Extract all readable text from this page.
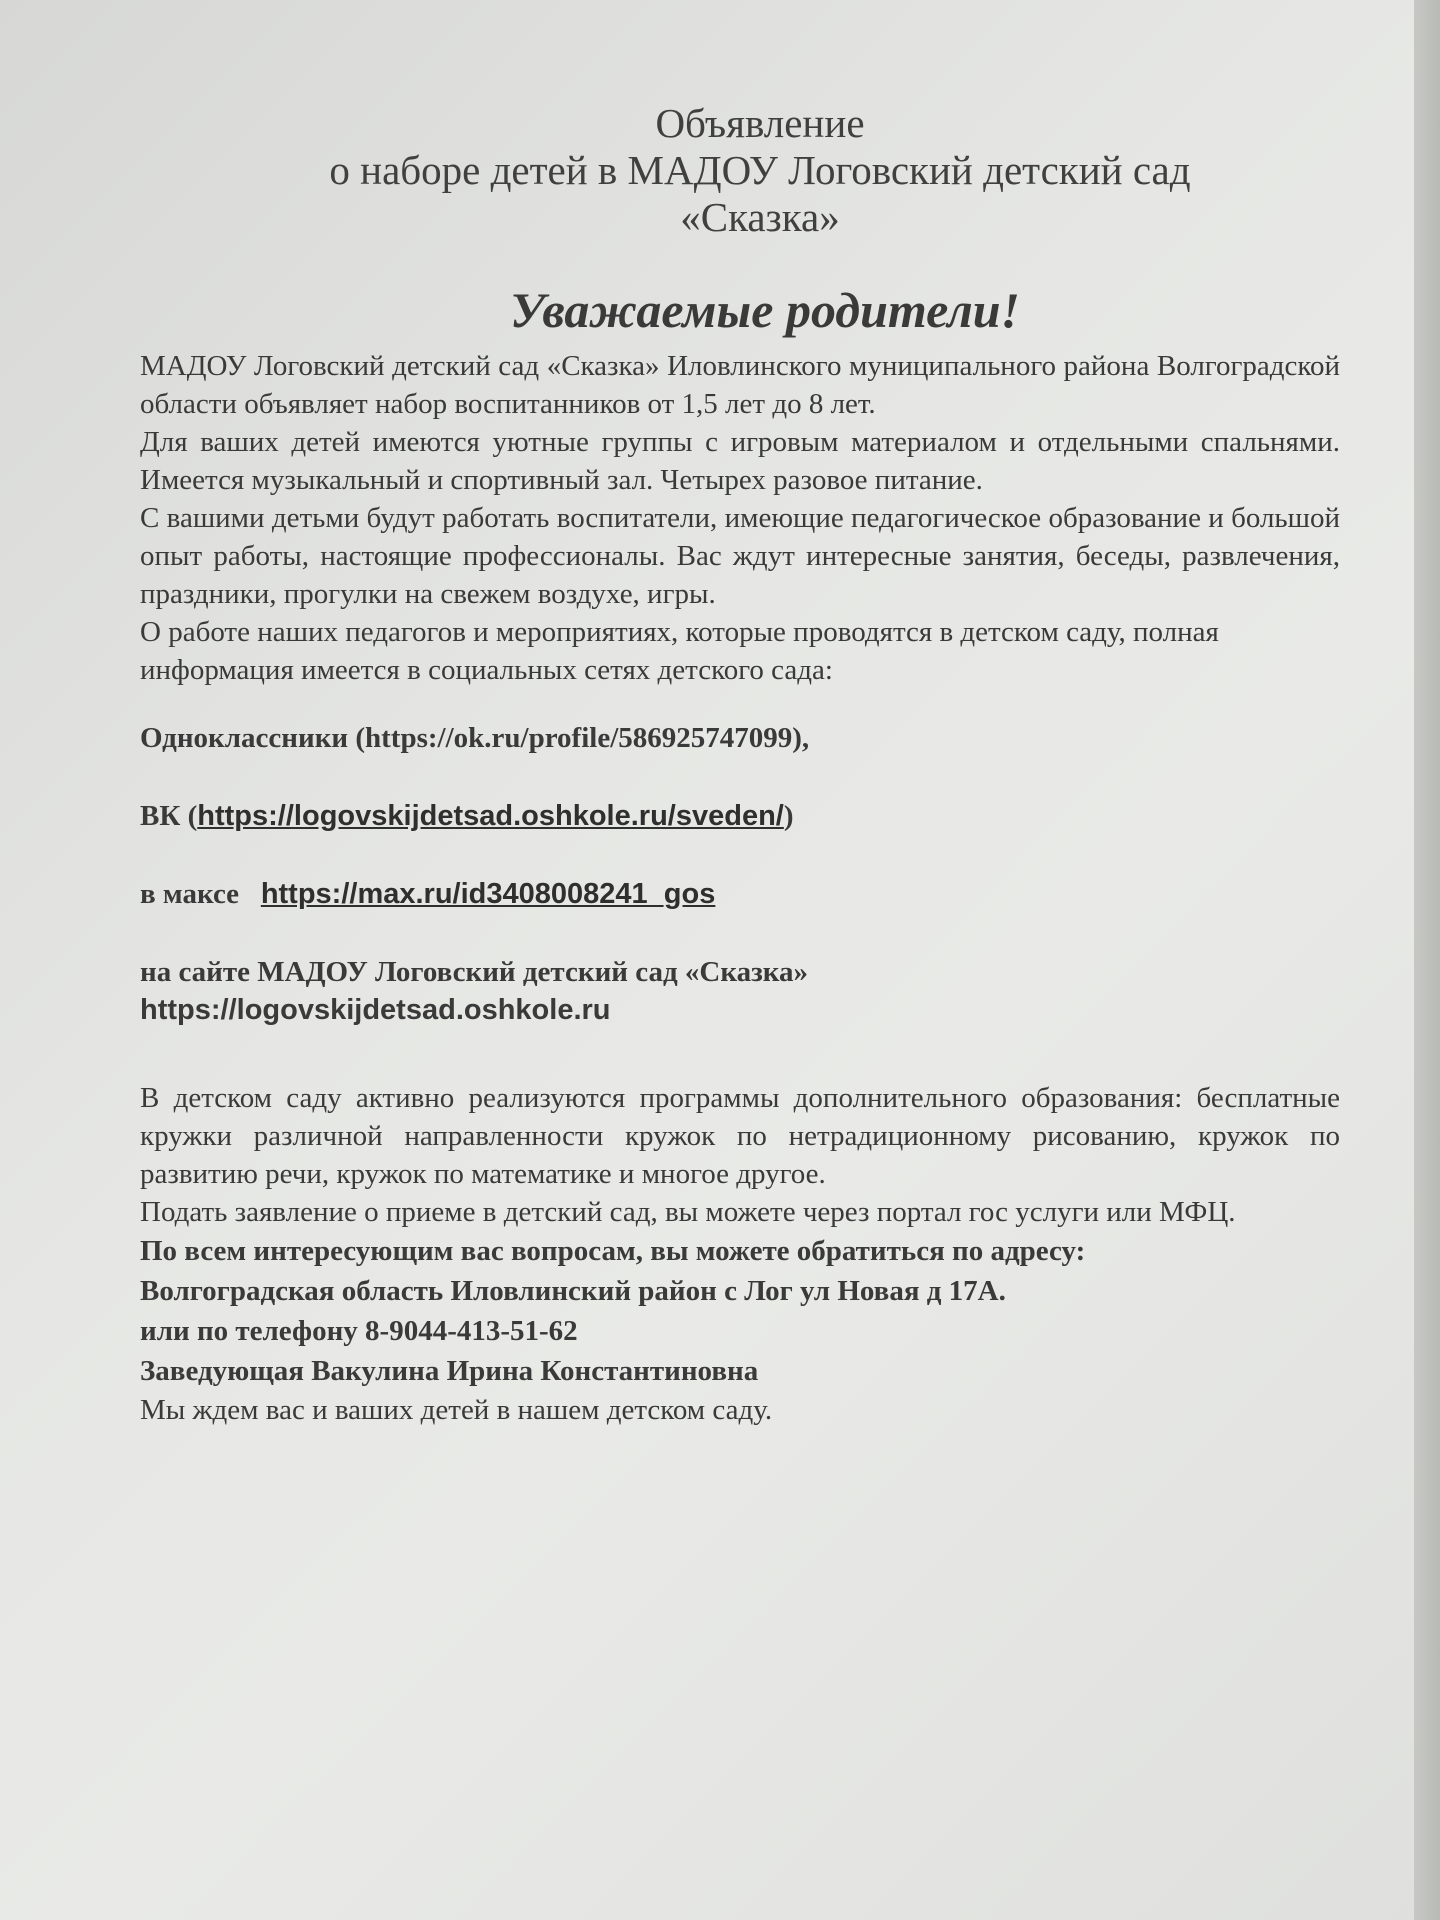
Объявление
о наборе детей в МАДОУ Логовский детский сад
«Сказка»
Уважаемые родители!

МАДОУ Логовский детский сад «Сказка» Иловлинского муниципального района Волгоградской области объявляет набор воспитанников от 1,5 лет до 8 лет.

Для ваших детей имеются уютные группы с игровым материалом и отдельными спальнями. Имеется музыкальный и спортивный зал. Четырех разовое питание.

С вашими детьми будут работать воспитатели, имеющие педагогическое образование и большой опыт работы, настоящие профессионалы. Вас ждут интересные занятия, беседы, развлечения, праздники, прогулки на свежем воздухе, игры.

О работе наших педагогов и мероприятиях, которые проводятся в детском саду, полная информация имеется в социальных сетях детского сада:

Одноклассники (https://ok.ru/profile/586925747099),
ВК (https://logovskijdetsad.oshkole.ru/sveden/)
в максе https://max.ru/id3408008241_gos
на сайте МАДОУ Логовский детский сад «Сказка»
https://logovskijdetsad.oshkole.ru

В детском саду активно реализуются программы дополнительного образования: бесплатные кружки различной направленности кружок по нетрадиционному рисованию, кружок по развитию речи, кружок по математике и многое другое.

Подать заявление о приеме в детский сад, вы можете через портал гос услуги или МФЦ.

По всем интересующим вас вопросам, вы можете обратиться по адресу:
Волгоградская область Иловлинский район с Лог ул Новая д 17А.
или по телефону 8-9044-413-51-62
Заведующая Вакулина Ирина Константиновна

Мы ждем вас и ваших детей в нашем детском саду.
